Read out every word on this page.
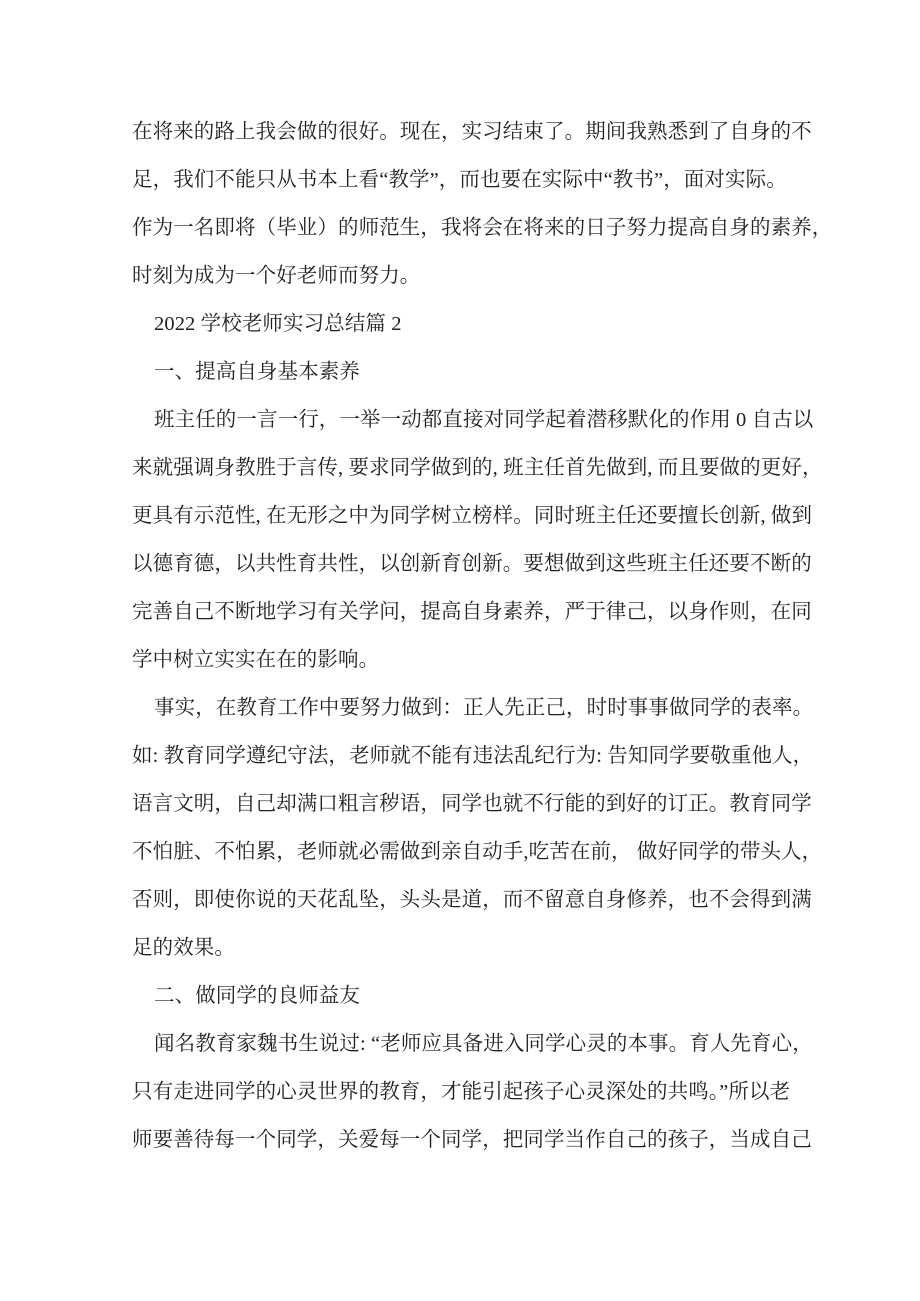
在将来的路上我会做的很好。现在，实习结束了。期间我熟悉到了自身的不
足，我们不能只从书本上看“教学”，而也要在实际中“教书”，面对实际。
作为一名即将（毕业）的师范生，我将会在将来的日子努力提高自身的素养，
时刻为成为一个好老师而努力。
2022 学校老师实习总结篇 2
一、提高自身基本素养
班主任的一言一行，一举一动都直接对同学起着潜移默化的作用 0 自古以
来就强调身教胜于言传, 要求同学做到的, 班主任首先做到, 而且要做的更好，
更具有示范性, 在无形之中为同学树立榜样。同时班主任还要擅长创新, 做到
以德育德，以共性育共性，以创新育创新。要想做到这些班主任还要不断的
完善自己不断地学习有关学问，提高自身素养，严于律己，以身作则，在同
学中树立实实在在的影响。
事实，在教育工作中要努力做到：正人先正己，时时事事做同学的表率。
如: 教育同学遵纪守法，老师就不能有违法乱纪行为: 告知同学要敬重他人，
语言文明，自己却满口粗言秽语，同学也就不行能的到好的订正。教育同学
不怕脏、不怕累，老师就必需做到亲自动手,吃苦在前， 做好同学的带头人，
否则，即使你说的天花乱坠，头头是道，而不留意自身修养，也不会得到满
足的效果。
二、做同学的良师益友
闻名教育家魏书生说过: “老师应具备进入同学心灵的本事。育人先育心，
只有走进同学的心灵世界的教育，才能引起孩子心灵深处的共鸣。”所以老
师要善待每一个同学，关爱每一个同学，把同学当作自己的孩子，当成自己
